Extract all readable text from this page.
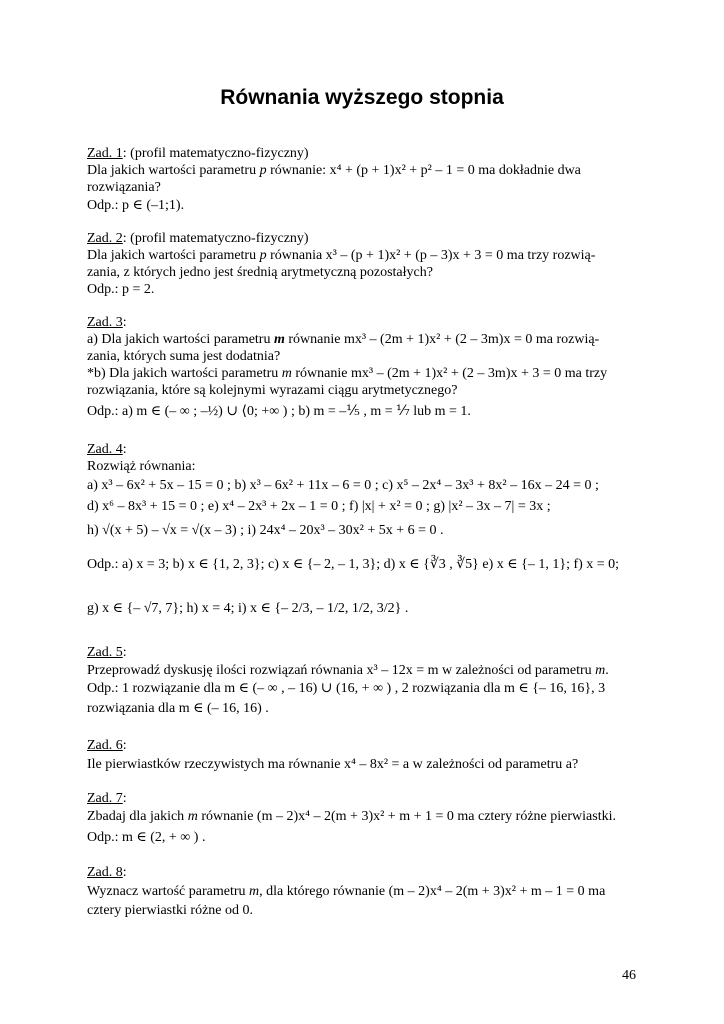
Równania wyższego stopnia
Zad. 1: (profil matematyczno-fizyczny)
Dla jakich wartości parametru p równanie: x⁴ + (p + 1)x² + p² – 1 = 0 ma dokładnie dwa
rozwiązania?
Odp.: p ∈ (–1;1).
Zad. 2: (profil matematyczno-fizyczny)
Dla jakich wartości parametru p równania x³ – (p + 1)x² + (p – 3)x + 3 = 0 ma trzy rozwią-
zania, z których jedno jest średnią arytmetyczną pozostałych?
Odp.: p = 2.
Zad. 3:
a) Dla jakich wartości parametru m równanie mx³ – (2m + 1)x² + (2 – 3m)x = 0 ma rozwią-
zania, których suma jest dodatnia?
*b) Dla jakich wartości parametru m równanie mx³ – (2m + 1)x² + (2 – 3m)x + 3 = 0 ma trzy
rozwiązania, które są kolejnymi wyrazami ciągu arytmetycznego?
Odp.: a) m ∈ (– ∞ ; –½) ∪ ⟨0; +∞ ) ; b) m = –⅕ , m = ⅐ lub m = 1.
Zad. 4:
Rozwiąż równania:
a) x³ – 6x² + 5x – 15 = 0 ; b) x³ – 6x² + 11x – 6 = 0 ; c) x⁵ – 2x⁴ – 3x³ + 8x² – 16x – 24 = 0 ;
d) x⁶ – 8x³ + 15 = 0 ; e) x⁴ – 2x³ + 2x – 1 = 0 ; f) |x| + x² = 0 ; g) |x² – 3x – 7| = 3x ;
h) √(x + 5) – √x = √(x – 3) ; i) 24x⁴ – 20x³ – 30x² + 5x + 6 = 0 .
Odp.: a) x = 3; b) x ∈ {1, 2, 3}; c) x ∈ {– 2, – 1, 3}; d) x ∈ {∛3 , ∛5} e) x ∈ {– 1, 1}; f) x = 0;
g) x ∈ {– √7, 7}; h) x = 4; i) x ∈ {– 2/3, – 1/2, 1/2, 3/2} .
Zad. 5:
Przeprowadź dyskusję ilości rozwiązań równania x³ – 12x = m w zależności od parametru m.
Odp.: 1 rozwiązanie dla m ∈ (– ∞ , – 16) ∪ (16, + ∞ ) , 2 rozwiązania dla m ∈ {– 16, 16}, 3
rozwiązania dla m ∈ (– 16, 16) .
Zad. 6:
Ile pierwiastków rzeczywistych ma równanie x⁴ – 8x² = a w zależności od parametru a?
Zad. 7:
Zbadaj dla jakich m równanie (m – 2)x⁴ – 2(m + 3)x² + m + 1 = 0 ma cztery różne pierwiastki.
Odp.: m ∈ (2, + ∞ ) .
Zad. 8:
Wyznacz wartość parametru m, dla którego równanie (m – 2)x⁴ – 2(m + 3)x² + m – 1 = 0 ma
cztery pierwiastki różne od 0.
46
